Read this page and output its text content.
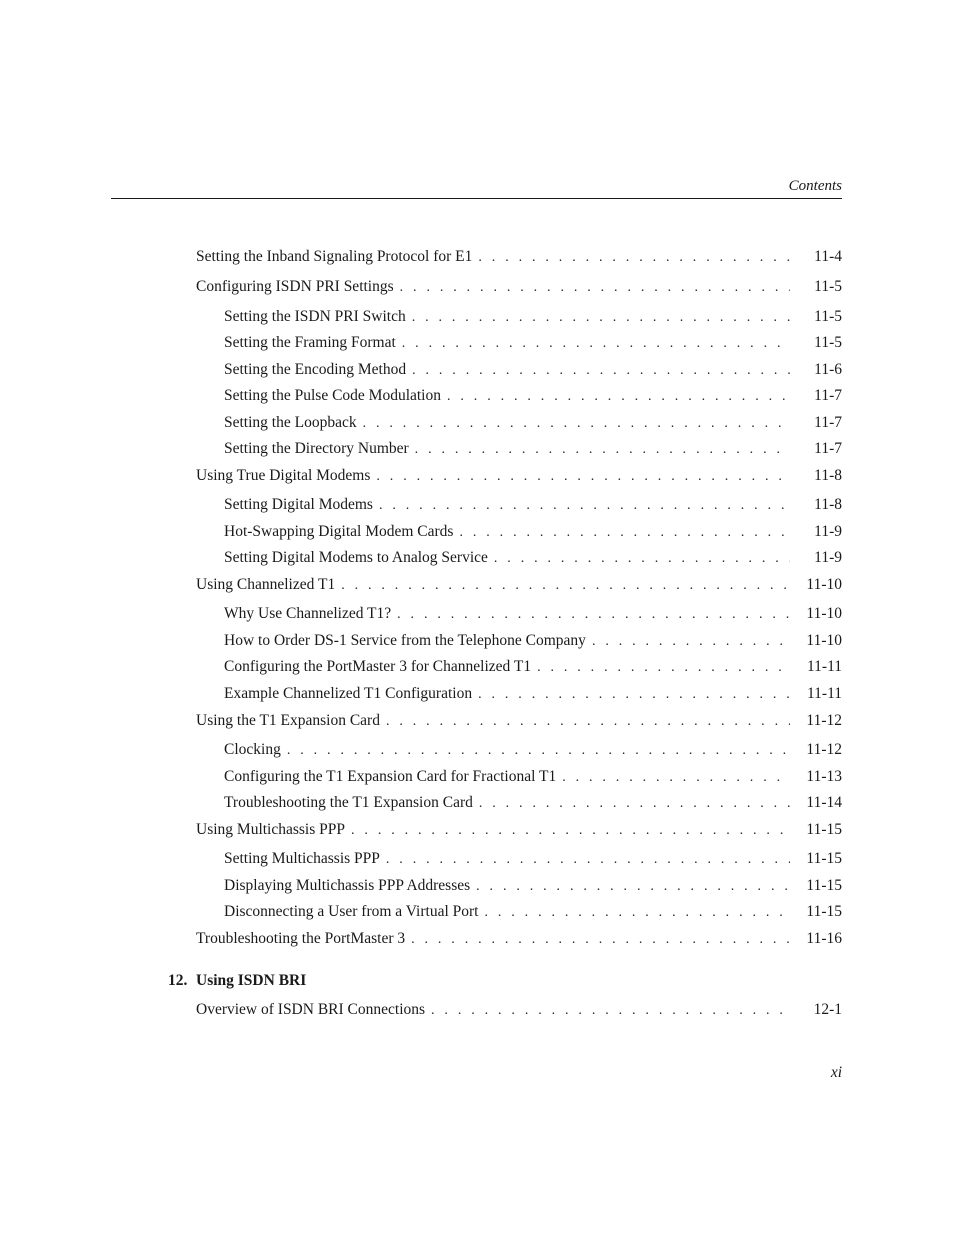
Contents
Setting the Inband Signaling Protocol for E1 . . .	11-4
Configuring ISDN PRI Settings . . .	11-5
Setting the ISDN PRI Switch . . .	11-5
Setting the Framing Format . . .	11-5
Setting the Encoding Method . . .	11-6
Setting the Pulse Code Modulation . . .	11-7
Setting the Loopback . . .	11-7
Setting the Directory Number . . .	11-7
Using True Digital Modems . . .	11-8
Setting Digital Modems . . .	11-8
Hot-Swapping Digital Modem Cards . . .	11-9
Setting Digital Modems to Analog Service . . .	11-9
Using Channelized T1 . . .	11-10
Why Use Channelized T1? . . .	11-10
How to Order DS-1 Service from the Telephone Company . . .	11-10
Configuring the PortMaster 3 for Channelized T1 . . .	11-11
Example Channelized T1 Configuration . . .	11-11
Using the T1 Expansion Card . . .	11-12
Clocking . . .	11-12
Configuring the T1 Expansion Card for Fractional T1 . . .	11-13
Troubleshooting the T1 Expansion Card . . .	11-14
Using Multichassis PPP . . .	11-15
Setting Multichassis PPP . . .	11-15
Displaying Multichassis PPP Addresses . . .	11-15
Disconnecting a User from a Virtual Port . . .	11-15
Troubleshooting the PortMaster 3 . . .	11-16
12. Using ISDN BRI
Overview of ISDN BRI Connections . . .	12-1
xi
